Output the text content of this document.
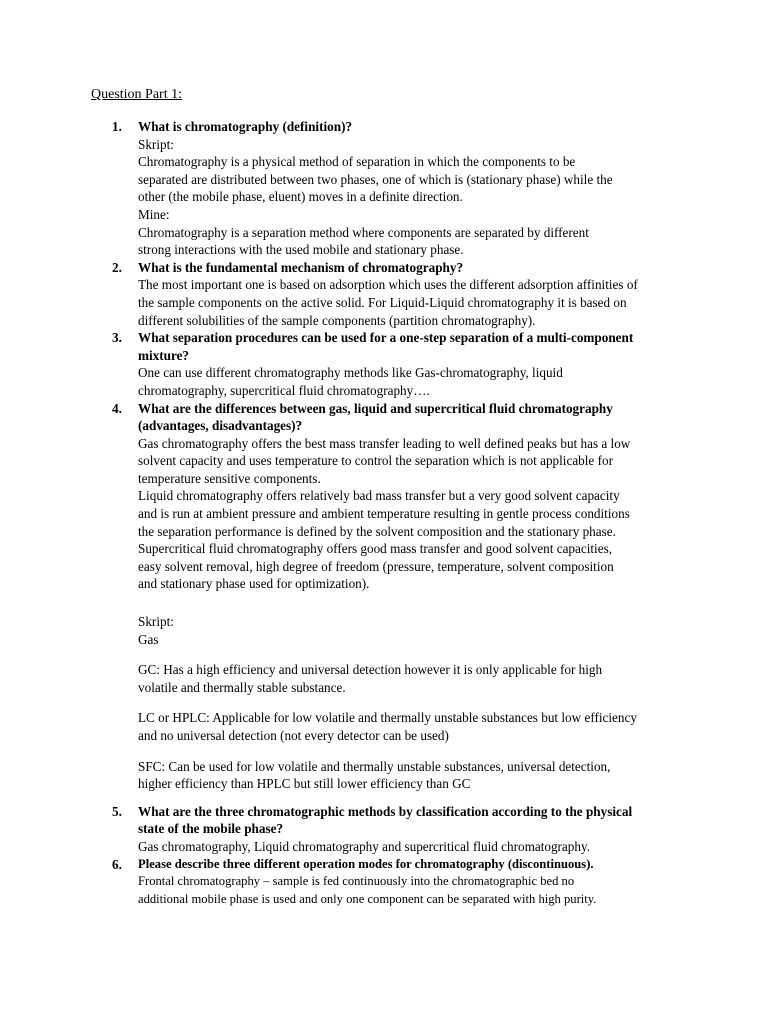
Question Part 1:
1. What is chromatography (definition)?
Skript:
Chromatography is a physical method of separation in which the components to be
separated are distributed between two phases, one of which is (stationary phase) while the
other (the mobile phase, eluent) moves in a definite direction.
Mine:
Chromatography is a separation method where components are separated by different
strong interactions with the used mobile and stationary phase.
2. What is the fundamental mechanism of chromatography?
The most important one is based on adsorption which uses the different adsorption affinities of
the sample components on the active solid. For Liquid-Liquid chromatography it is based on
different solubilities of the sample components (partition chromatography).
3. What separation procedures can be used for a one-step separation of a multi-component
mixture?
One can use different chromatography methods like Gas-chromatography, liquid
chromatography, supercritical fluid chromatography….
4. What are the differences between gas, liquid and supercritical fluid chromatography
(advantages, disadvantages)?
Gas chromatography offers the best mass transfer leading to well defined peaks but has a low
solvent capacity and uses temperature to control the separation which is not applicable for
temperature sensitive components.
Liquid chromatography offers relatively bad mass transfer but a very good solvent capacity
and is run at ambient pressure and ambient temperature resulting in gentle process conditions
the separation performance is defined by the solvent composition and the stationary phase.
Supercritical fluid chromatography offers good mass transfer and good solvent capacities,
easy solvent removal, high degree of freedom (pressure, temperature, solvent composition
and stationary phase used for optimization).
Skript:
Gas
GC: Has a high efficiency and universal detection however it is only applicable for high
volatile and thermally stable substance.
LC or HPLC: Applicable for low volatile and thermally unstable substances but low efficiency
and no universal detection (not every detector can be used)
SFC: Can be used for low volatile and thermally unstable substances, universal detection,
higher efficiency than HPLC but still lower efficiency than GC
5. What are the three chromatographic methods by classification according to the physical
state of the mobile phase?
Gas chromatography, Liquid chromatography and supercritical fluid chromatography.
6. Please describe three different operation modes for chromatography (discontinuous).
Frontal chromatography – sample is fed continuously into the chromatographic bed no
additional mobile phase is used and only one component can be separated with high purity.
